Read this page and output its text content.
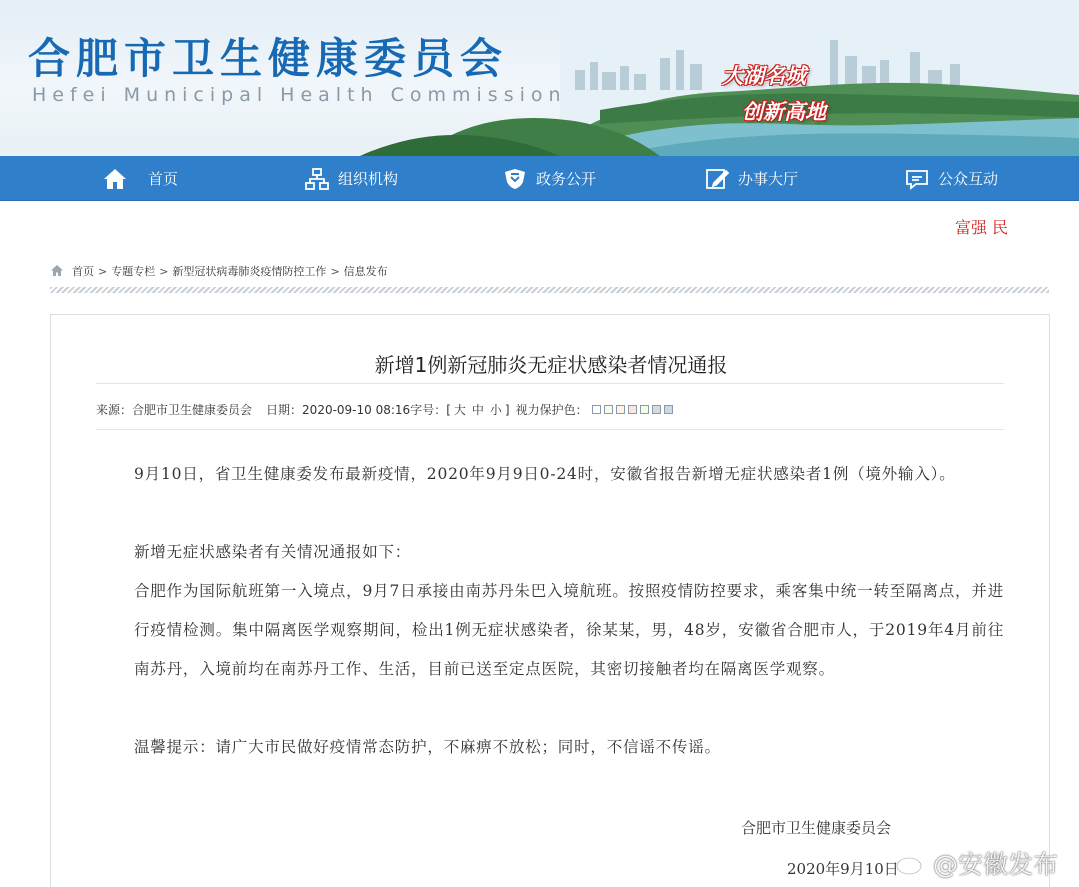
合肥市卫生健康委员会
Hefei Municipal Health Commission
大湖名城
创新高地
首页	组织机构	政务公开	办事大厅	公众互动
富强 民
首页 > 专题专栏 > 新型冠状病毒肺炎疫情防控工作 > 信息发布
新增1例新冠肺炎无症状感染者情况通报
来源： 合肥市卫生健康委员会 日期： 2020-09-10 08:16 字号：[ 大 中 小 ] 视力保护色：
9月10日，省卫生健康委发布最新疫情，2020年9月9日0-24时，安徽省报告新增无症状感染者1例（境外输入）。
新增无症状感染者有关情况通报如下：
合肥作为国际航班第一入境点，9月7日承接由南苏丹朱巴入境航班。按照疫情防控要求，乘客集中统一转至隔离点，并进行疫情检测。集中隔离医学观察期间，检出1例无症状感染者，徐某某，男，48岁，安徽省合肥市人，于2019年4月前往南苏丹，入境前均在南苏丹工作、生活，目前已送至定点医院，其密切接触者均在隔离医学观察。
温馨提示：请广大市民做好疫情常态防护，不麻痹不放松；同时，不信谣不传谣。
合肥市卫生健康委员会
2020年9月10日 @安徽发布
